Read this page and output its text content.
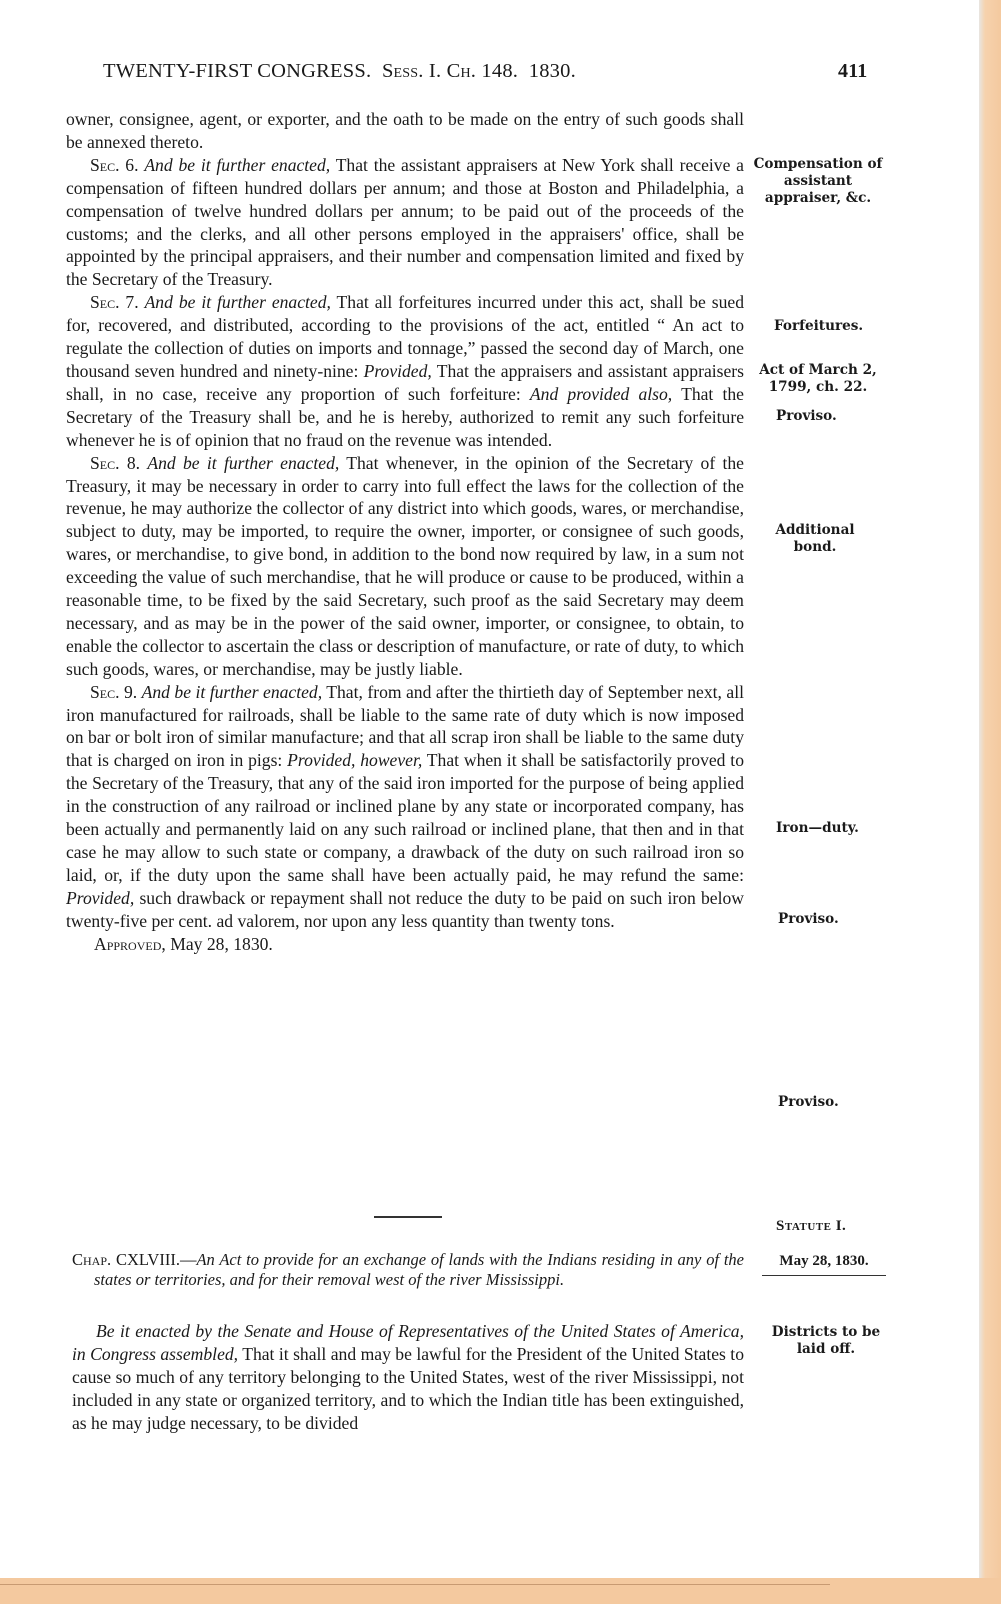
TWENTY-FIRST CONGRESS. Sess. I. Ch. 148. 1830.	411

owner, consignee, agent, or exporter, and the oath to be made on the entry of such goods shall be annexed thereto.

Sec. 6. And be it further enacted, That the assistant appraisers at New York shall receive a compensation of fifteen hundred dollars per annum; and those at Boston and Philadelphia, a compensation of twelve hundred dollars per annum; to be paid out of the proceeds of the customs; and the clerks, and all other persons employed in the appraisers' office, shall be appointed by the principal appraisers, and their number and compensation limited and fixed by the Secretary of the Treasury.

Sec. 7. And be it further enacted, That all forfeitures incurred under this act, shall be sued for, recovered, and distributed, according to the provisions of the act, entitled “ An act to regulate the collection of duties on imports and tonnage,” passed the second day of March, one thousand seven hundred and ninety-nine: Provided, That the appraisers and assistant appraisers shall, in no case, receive any proportion of such forfeiture: And provided also, That the Secretary of the Treasury shall be, and he is hereby, authorized to remit any such forfeiture whenever he is of opinion that no fraud on the revenue was intended.

Sec. 8. And be it further enacted, That whenever, in the opinion of the Secretary of the Treasury, it may be necessary in order to carry into full effect the laws for the collection of the revenue, he may authorize the collector of any district into which goods, wares, or merchandise, subject to duty, may be imported, to require the owner, importer, or consignee of such goods, wares, or merchandise, to give bond, in addition to the bond now required by law, in a sum not exceeding the value of such merchandise, that he will produce or cause to be produced, within a reasonable time, to be fixed by the said Secretary, such proof as the said Secretary may deem necessary, and as may be in the power of the said owner, importer, or consignee, to obtain, to enable the collector to ascertain the class or description of manufacture, or rate of duty, to which such goods, wares, or merchandise, may be justly liable.

Sec. 9. And be it further enacted, That, from and after the thirtieth day of September next, all iron manufactured for railroads, shall be liable to the same rate of duty which is now imposed on bar or bolt iron of similar manufacture; and that all scrap iron shall be liable to the same duty that is charged on iron in pigs: Provided, however, That when it shall be satisfactorily proved to the Secretary of the Treasury, that any of the said iron imported for the purpose of being applied in the construction of any railroad or inclined plane by any state or incorporated company, has been actually and permanently laid on any such railroad or inclined plane, that then and in that case he may allow to such state or company, a drawback of the duty on such railroad iron so laid, or, if the duty upon the same shall have been actually paid, he may refund the same: Provided, such drawback or repayment shall not reduce the duty to be paid on such iron below twenty-five per cent. ad valorem, nor upon any less quantity than twenty tons.

Approved, May 28, 1830.

Chap. CXLVIII.—An Act to provide for an exchange of lands with the Indians residing in any of the states or territories, and for their removal west of the river Mississippi.

Be it enacted by the Senate and House of Representatives of the United States of America, in Congress assembled, That it shall and may be lawful for the President of the United States to cause so much of any territory belonging to the United States, west of the river Mississippi, not included in any state or organized territory, and to which the Indian title has been extinguished, as he may judge necessary, to be divided

Compensation of assistant appraiser, &c.
Forfeitures.
Act of March 2, 1799, ch. 22.
Proviso.
Additional bond.
Iron—duty.
Proviso.
Proviso.
Statute I.
May 28, 1830.
Districts to be laid off.
